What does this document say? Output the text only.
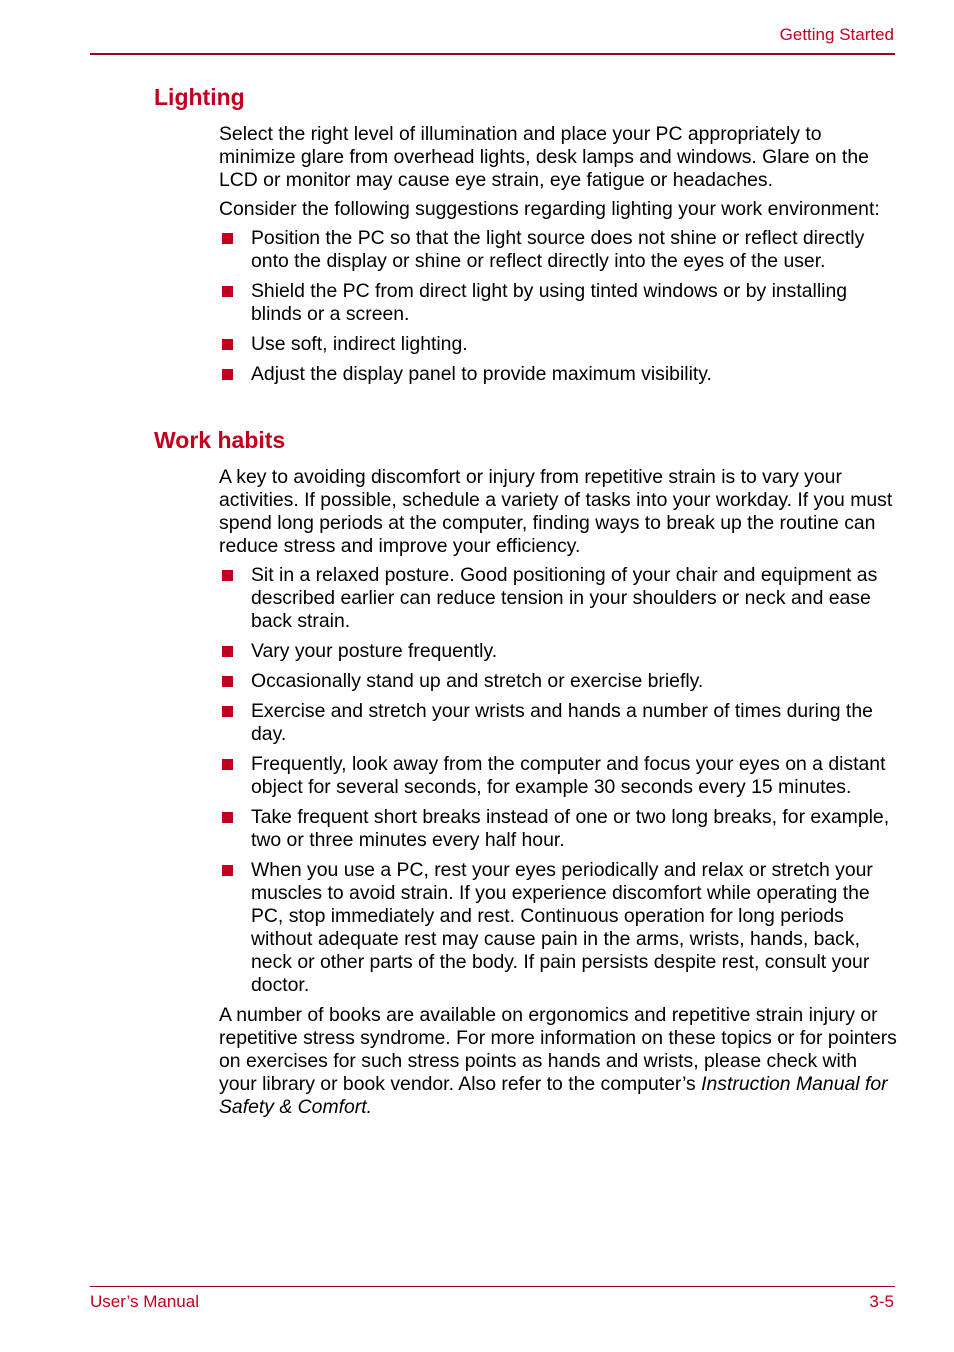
Getting Started
Lighting

Select the right level of illumination and place your PC appropriately to minimize glare from overhead lights, desk lamps and windows. Glare on the LCD or monitor may cause eye strain, eye fatigue or headaches.

Consider the following suggestions regarding lighting your work environment:

Position the PC so that the light source does not shine or reflect directly onto the display or shine or reflect directly into the eyes of the user.
Shield the PC from direct light by using tinted windows or by installing blinds or a screen.
Use soft, indirect lighting.
Adjust the display panel to provide maximum visibility.
Work habits

A key to avoiding discomfort or injury from repetitive strain is to vary your activities. If possible, schedule a variety of tasks into your workday. If you must spend long periods at the computer, finding ways to break up the routine can reduce stress and improve your efficiency.

Sit in a relaxed posture. Good positioning of your chair and equipment as described earlier can reduce tension in your shoulders or neck and ease back strain.
Vary your posture frequently.
Occasionally stand up and stretch or exercise briefly.
Exercise and stretch your wrists and hands a number of times during the day.
Frequently, look away from the computer and focus your eyes on a distant object for several seconds, for example 30 seconds every 15 minutes.
Take frequent short breaks instead of one or two long breaks, for example, two or three minutes every half hour.
When you use a PC, rest your eyes periodically and relax or stretch your muscles to avoid strain. If you experience discomfort while operating the PC, stop immediately and rest. Continuous operation for long periods without adequate rest may cause pain in the arms, wrists, hands, back, neck or other parts of the body. If pain persists despite rest, consult your doctor.

A number of books are available on ergonomics and repetitive strain injury or repetitive stress syndrome. For more information on these topics or for pointers on exercises for such stress points as hands and wrists, please check with your library or book vendor. Also refer to the computer’s Instruction Manual for Safety & Comfort.

User’s Manual	3-5
